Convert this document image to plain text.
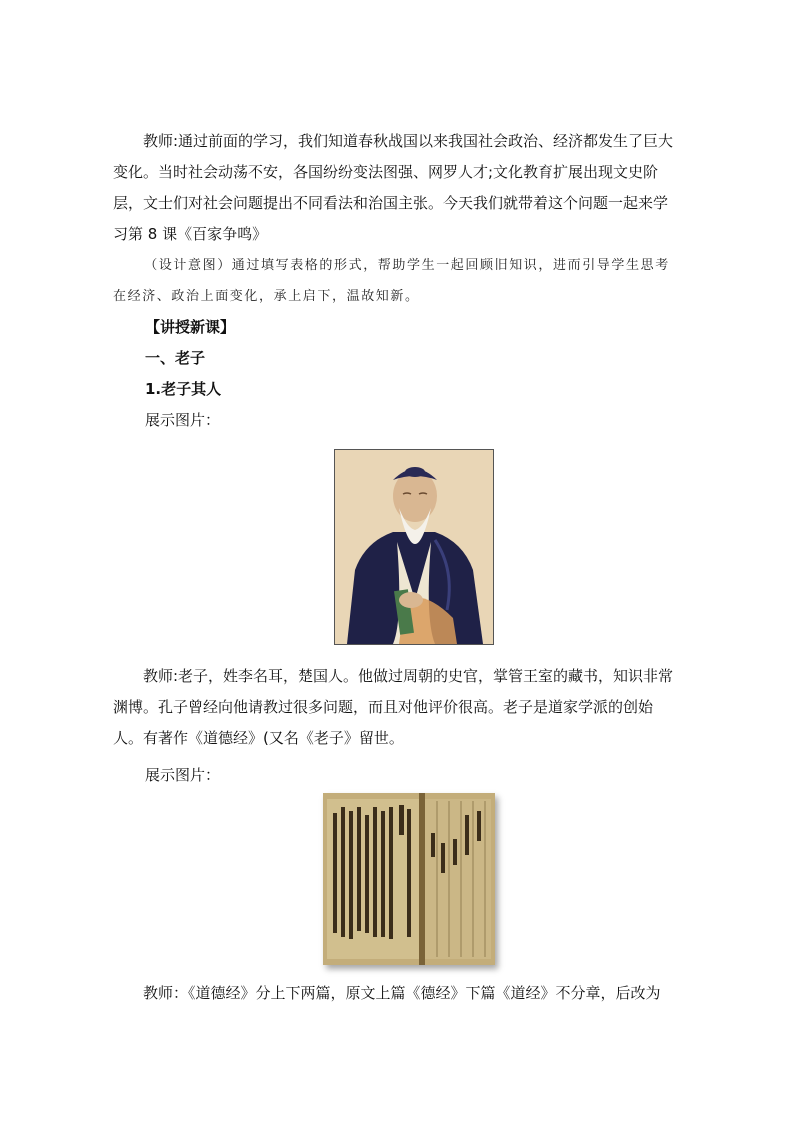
教师:通过前面的学习，我们知道春秋战国以来我国社会政治、经济都发生了巨大变化。当时社会动荡不安，各国纷纷变法图强、网罗人才;文化教育扩展出现文史阶层，文士们对社会问题提出不同看法和治国主张。今天我们就带着这个问题一起来学习第 8 课《百家争鸣》

（设计意图）通过填写表格的形式，帮助学生一起回顾旧知识，进而引导学生思考在经济、政治上面变化，承上启下，温故知新。

【讲授新课】

一、老子

1.老子其人

展示图片：

教师:老子，姓李名耳，楚国人。他做过周朝的史官，掌管王室的藏书，知识非常渊博。孔子曾经向他请教过很多问题，而且对他评价很高。老子是道家学派的创始人。有著作《道德经》(又名《老子》留世。

展示图片：

教师：《道德经》分上下两篇，原文上篇《德经》下篇《道经》不分章，后改为
